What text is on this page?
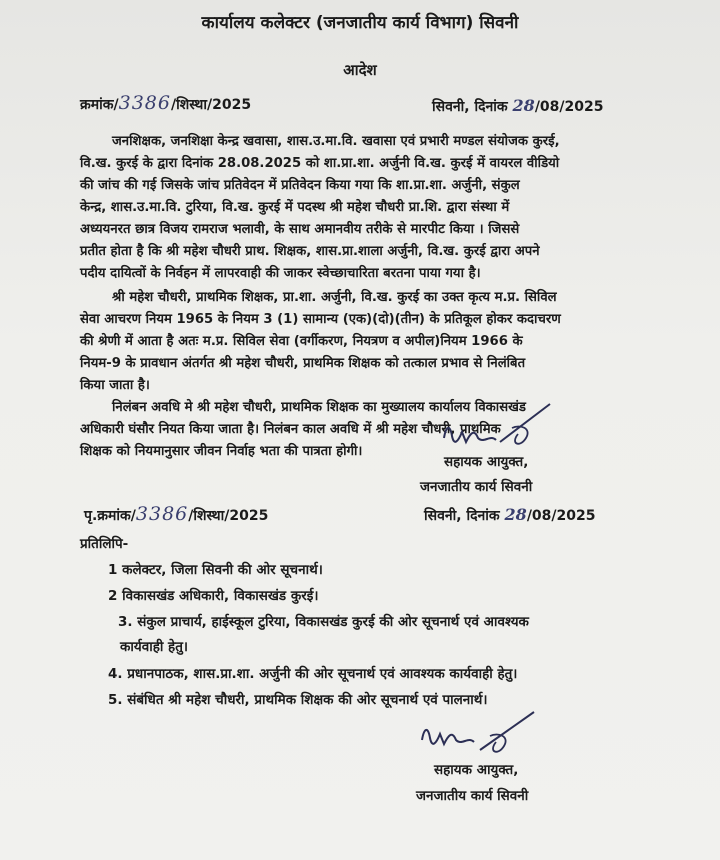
कार्यालय कलेक्टर (जनजातीय कार्य विभाग) सिवनी
आदेश
क्रमांक/3386/शिस्था/2025	सिवनी, दिनांक 28/08/2025
जनशिक्षक, जनशिक्षा केन्द्र खवासा, शास.उ.मा.वि. खवासा एवं प्रभारी मण्डल संयोजक कुरई,
वि.ख. कुरई के द्वारा दिनांक 28.08.2025 को शा.प्रा.शा. अर्जुनी वि.ख. कुरई में वायरल वीडियो
की जांच की गई जिसके जांच प्रतिवेदन में प्रतिवेदन किया गया कि शा.प्रा.शा. अर्जुनी, संकुल
केन्द्र, शास.उ.मा.वि. टुरिया, वि.ख. कुरई में पदस्थ श्री महेश चौधरी प्रा.शि. द्वारा संस्था में
अध्ययनरत छात्र विजय रामराज भलावी, के साथ अमानवीय तरीके से मारपीट किया । जिससे
प्रतीत होता है कि श्री महेश चौधरी प्राथ. शिक्षक, शास.प्रा.शाला अर्जुनी, वि.ख. कुरई द्वारा अपने
पदीय दायित्वों के निर्वहन में लापरवाही की जाकर स्वेच्छाचारिता बरतना पाया गया है।
श्री महेश चौधरी, प्राथमिक शिक्षक, प्रा.शा. अर्जुनी, वि.ख. कुरई का उक्त कृत्य म.प्र. सिविल
सेवा आचरण नियम 1965 के नियम 3 (1) सामान्य (एक)(दो)(तीन) के प्रतिकूल होकर कदाचरण
की श्रेणी में आता है अतः म.प्र. सिविल सेवा (वर्गीकरण, नियत्रण व अपील)नियम 1966 के
नियम-9 के प्रावधान अंतर्गत श्री महेश चौधरी, प्राथमिक शिक्षक को तत्काल प्रभाव से निलंबित
किया जाता है।
निलंबन अवधि मे श्री महेश चौधरी, प्राथमिक शिक्षक का मुख्यालय कार्यालय विकासखंड
अधिकारी घंसौर नियत किया जाता है। निलंबन काल अवधि में श्री महेश चौधरी, प्राथमिक
शिक्षक को नियमानुसार जीवन निर्वाह भता की पात्रता होगी।
सहायक आयुक्त,
जनजातीय कार्य सिवनी
पृ.क्रमांक/3386/शिस्था/2025	सिवनी, दिनांक 28/08/2025
प्रतिलिपि-
1 कलेक्टर, जिला सिवनी की ओर सूचनार्थ।
2 विकासखंड अधिकारी, विकासखंड कुरई।
3. संकुल प्राचार्य, हाईस्कूल टुरिया, विकासखंड कुरई की ओर सूचनार्थ एवं आवश्यक
कार्यवाही हेतु।
4. प्रधानपाठक, शास.प्रा.शा. अर्जुनी की ओर सूचनार्थ एवं आवश्यक कार्यवाही हेतु।
5. संबंधित श्री महेश चौधरी, प्राथमिक शिक्षक की ओर सूचनार्थ एवं पालनार्थ।
सहायक आयुक्त,
जनजातीय कार्य सिवनी
